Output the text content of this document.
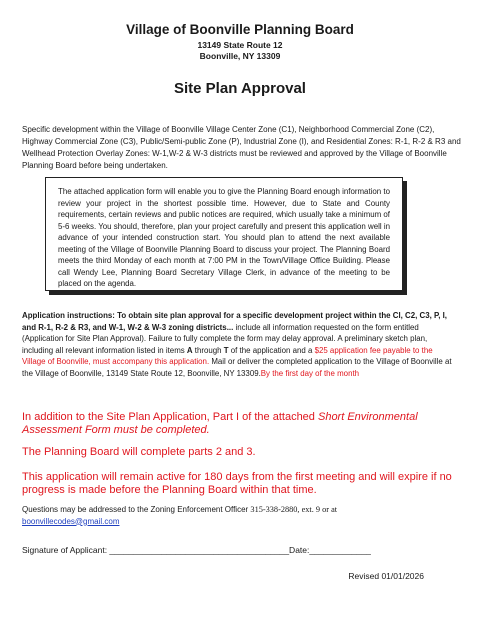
Village of Boonville Planning Board
13149 State Route 12
Boonville, NY 13309
Site Plan Approval
Specific development within the Village of Boonville Village Center Zone (C1), Neighborhood Commercial Zone (C2), Highway Commercial Zone (C3), Public/Semi-public Zone (P), Industrial Zone (I), and Residential Zones: R-1, R-2 & R3 and Wellhead Protection Overlay Zones: W-1,W-2 & W-3 districts must be reviewed and approved by the Village of Boonville Planning Board before being undertaken.
The attached application form will enable you to give the Planning Board enough information to review your project in the shortest possible time. However, due to State and County requirements, certain reviews and public notices are required, which usually take a minimum of 5-6 weeks. You should, therefore, plan your project carefully and present this application well in advance of your intended construction start. You should plan to attend the next available meeting of the Village of Boonville Planning Board to discuss your project. The Planning Board meets the third Monday of each month at 7:00 PM in the Town/Village Office Building. Please call Wendy Lee, Planning Board Secretary Village Clerk, in advance of the meeting to be placed on the agenda.
Application instructions: To obtain site plan approval for a specific development project within the Cl, C2, C3, P, I, and R-1, R-2 & R3, and W-1, W-2 & W-3 zoning districts... include all information requested on the form entitled (Application for Site Plan Approval). Failure to fully complete the form may delay approval. A preliminary sketch plan, including all relevant information listed in items A through T of the application and a $25 application fee payable to the Village of Boonville, must accompany this application. Mail or deliver the completed application to the Village of Boonville at the Village of Boonville, 13149 State Route 12, Boonville, NY 13309.By the first day of the month
In addition to the Site Plan Application, Part I of the attached Short Environmental Assessment Form must be completed.
The Planning Board will complete parts 2 and 3.
This application will remain active for 180 days from the first meeting and will expire if no progress is made before the Planning Board within that time.
Questions may be addressed to the Zoning Enforcement Officer 315-338-2880, ext. 9 or at
boonvillecodes@gmail.com
Signature of Applicant: ______________________________________Date:_____________
Revised 01/01/2026
